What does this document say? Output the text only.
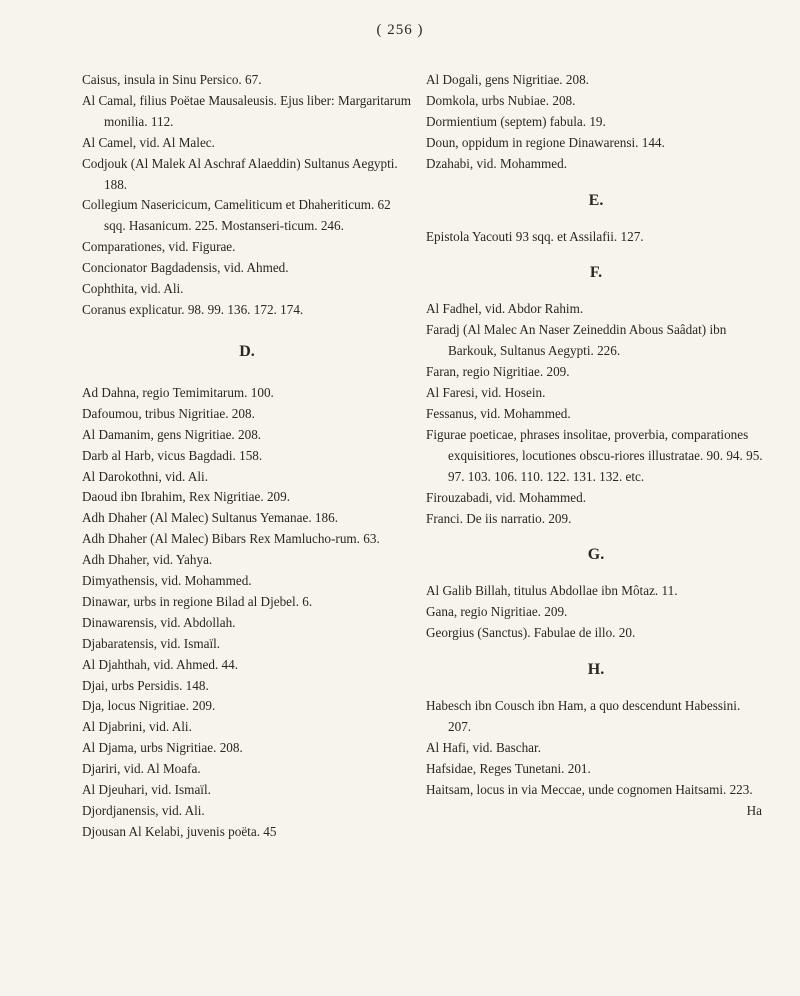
( 256 )
Caisus, insula in Sinu Persico. 67.
Al Camal, filius Poëtae Mausaleusis. Ejus liber: Margaritarum monilia. 112.
Al Camel, vid. Al Malec.
Codjouk (Al Malek Al Aschraf Alaeddin) Sultanus Aegypti. 188.
Collegium Nasericicum, Cameliticum et Dhaheriticum. 62 sqq. Hasanicum. 225. Mostanseri-ticum. 246.
Comparationes, vid. Figurae.
Concionator Bagdadensis, vid. Ahmed.
Cophthita, vid. Ali.
Coranus explicatur. 98. 99. 136. 172. 174.
D.
Ad Dahna, regio Temimitarum. 100.
Dafoumou, tribus Nigritiae. 208.
Al Damanim, gens Nigritiae. 208.
Darb al Harb, vicus Bagdadi. 158.
Al Darokothni, vid. Ali.
Daoud ibn Ibrahim, Rex Nigritiae. 209.
Adh Dhaher (Al Malec) Sultanus Yemanae. 186.
Adh Dhaher (Al Malec) Bibars Rex Mamlucho-rum. 63.
Adh Dhaher, vid. Yahya.
Dimyathensis, vid. Mohammed.
Dinawar, urbs in regione Bilad al Djebel. 6.
Dinawarensis, vid. Abdollah.
Djabaratensis, vid. Ismaïl.
Al Djahthah, vid. Ahmed. 44.
Djai, urbs Persidis. 148.
Dja, locus Nigritiae. 209.
Al Djabrini, vid. Ali.
Al Djama, urbs Nigritiae. 208.
Djariri, vid. Al Moafa.
Al Djeuhari, vid. Ismaïl.
Djordjanensis, vid. Ali.
Djousan Al Kelabi, juvenis poëta. 45
Al Dogali, gens Nigritiae. 208.
Domkola, urbs Nubiae. 208.
Dormientium (septem) fabula. 19.
Doun, oppidum in regione Dinawarensi. 144.
Dzahabi, vid. Mohammed.
E.
Epistola Yacouti 93 sqq. et Assilafii. 127.
F.
Al Fadhel, vid. Abdor Rahim.
Faradj (Al Malec An Naser Zeineddin Abous Saâdat) ibn Barkouk, Sultanus Aegypti. 226.
Faran, regio Nigritiae. 209.
Al Faresi, vid. Hosein.
Fessanus, vid. Mohammed.
Figurae poeticae, phrases insolitae, proverbia, comparationes exquisitiores, locutiones obscu-riores illustratae. 90. 94. 95. 97. 103. 106. 110. 122. 131. 132. etc.
Firouzabadi, vid. Mohammed.
Franci. De iis narratio. 209.
G.
Al Galib Billah, titulus Abdollae ibn Môtaz. 11.
Gana, regio Nigritiae. 209.
Georgius (Sanctus). Fabulae de illo. 20.
H.
Habesch ibn Cousch ibn Ham, a quo descendunt Habessini. 207.
Al Hafi, vid. Baschar.
Hafsidae, Reges Tunetani. 201.
Haitsam, locus in via Meccae, unde cognomen Haitsami. 223.
Ha
